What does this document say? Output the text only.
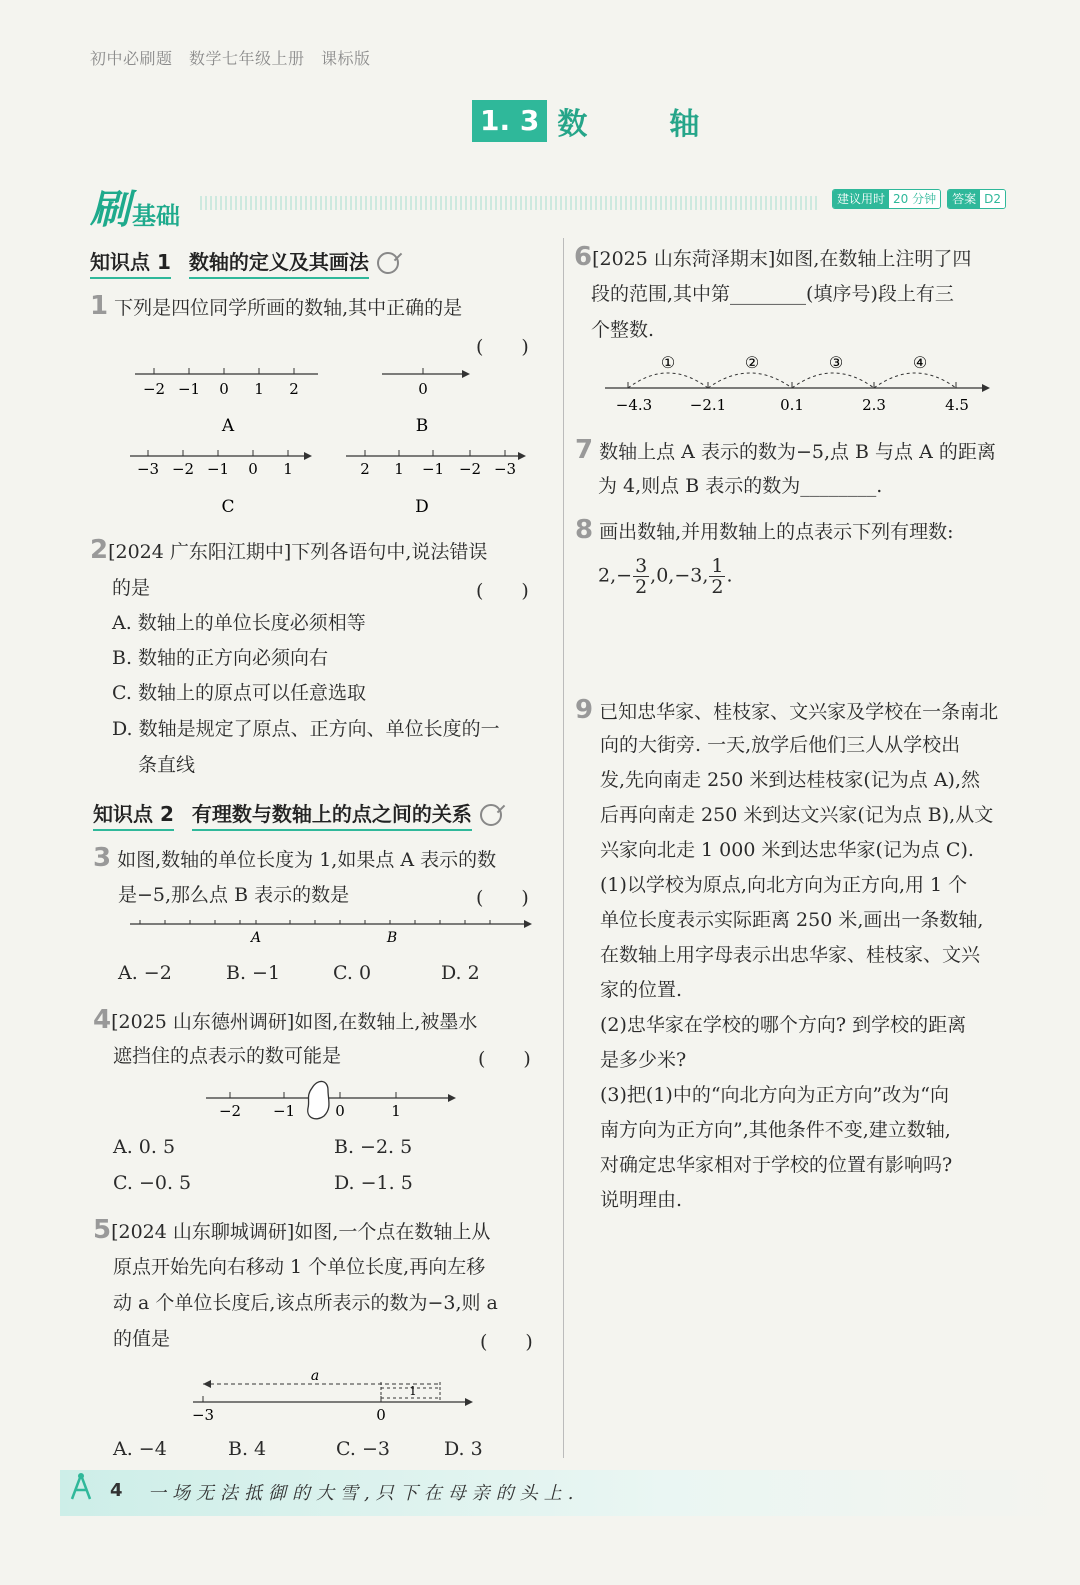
初中必刷题　数学七年级上册　课标版
1. 3 数　轴
刷 基础
建议用时 20 分钟	答案 D2
知识点 1 数轴的定义及其画法
1 下列是四位同学所画的数轴,其中正确的是
(　　)
−2 −1 0 1 2
A
0
B
−3 −2 −1 0 1
C
2 1 −1 −2 −3
D
2[2024 广东阳江期中]下列各语句中,说法错误
的是	(　　)
A. 数轴上的单位长度必须相等
B. 数轴的正方向必须向右
C. 数轴上的原点可以任意选取
D. 数轴是规定了原点、正方向、单位长度的一
条直线
知识点 2 有理数与数轴上的点之间的关系
3 如图,数轴的单位长度为 1,如果点 A 表示的数
是−5,那么点 B 表示的数是	(　　)
A	B
A. −2	B. −1	C. 0	D. 2
4[2025 山东德州调研]如图,在数轴上,被墨水
遮挡住的点表示的数可能是	(　　)
−2 −1	0	1
A. 0. 5	B. −2. 5
C. −0. 5	D. −1. 5
5[2024 山东聊城调研]如图,一个点在数轴上从
原点开始先向右移动 1 个单位长度,再向左移
动 a 个单位长度后,该点所表示的数为−3,则 a
的值是	(　　)
a
1
−3	0
A. −4	B. 4	C. −3	D. 3
6[2025 山东菏泽期末]如图,在数轴上注明了四
段的范围,其中第________(填序号)段上有三
个整数.
①	②	③	④
−4.3	−2.1	0.1	2.3	4.5
7 数轴上点 A 表示的数为−5,点 B 与点 A 的距离
为 4,则点 B 表示的数为________.
8 画出数轴,并用数轴上的点表示下列有理数:
$2,- \frac{3}{2} ,0,-3$, $\frac{1}{2}$ .
9 已知忠华家、桂枝家、文兴家及学校在一条南北
向的大街旁. 一天,放学后他们三人从学校出
发,先向南走 250 米到达桂枝家(记为点 A),然
后再向南走 250 米到达文兴家(记为点 B),从文
兴家向北走 1 000 米到达忠华家(记为点 C).
(1)以学校为原点,向北方向为正方向,用 1 个
单位长度表示实际距离 250 米,画出一条数轴,
在数轴上用字母表示出忠华家、桂枝家、文兴
家的位置.
(2)忠华家在学校的哪个方向? 到学校的距离
是多少米?
(3)把(1)中的“向北方向为正方向”改为“向
南方向为正方向”,其他条件不变,建立数轴,
对确定忠华家相对于学校的位置有影响吗?
说明理由.
4 一场无法抵御的大雪,只下在母亲的头上.
